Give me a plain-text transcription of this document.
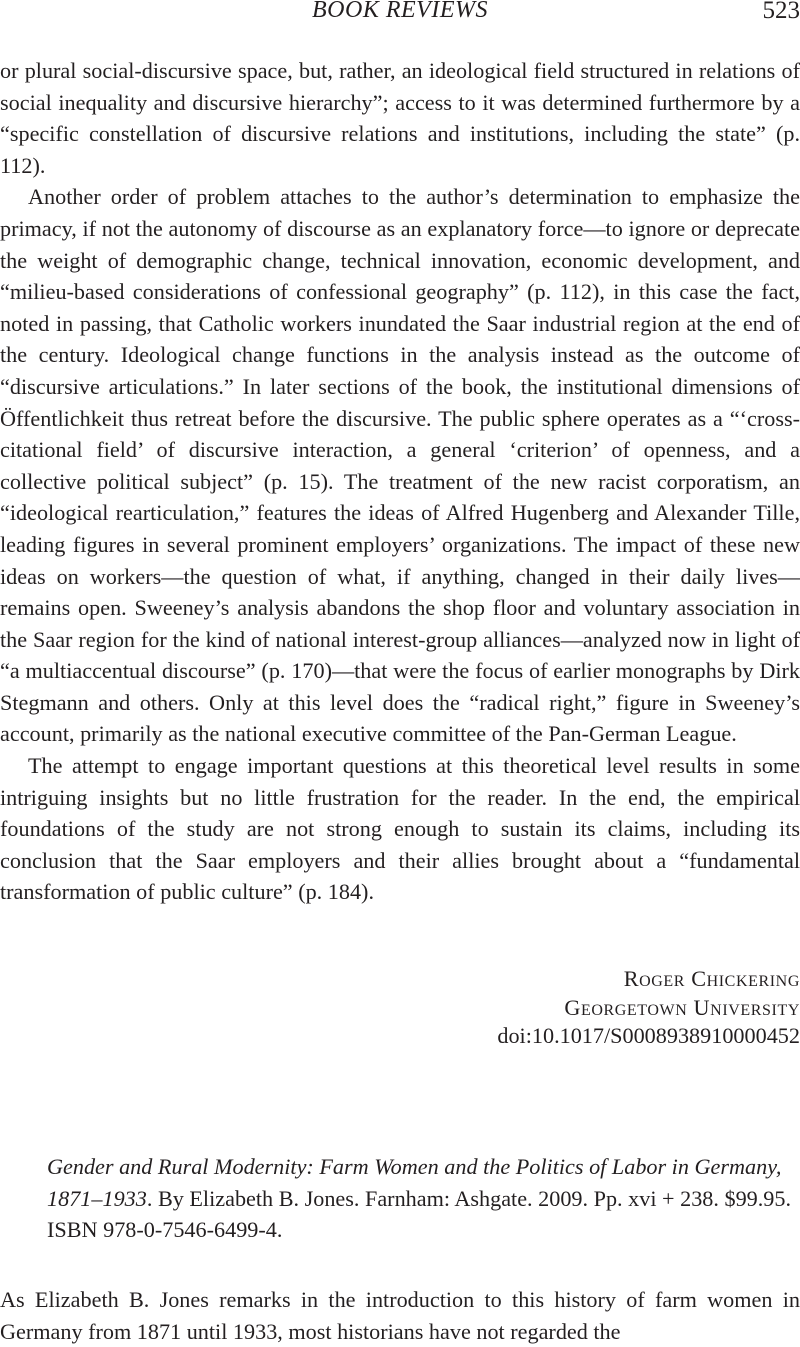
BOOK REVIEWS	523

or plural social-discursive space, but, rather, an ideological field structured in relations of social inequality and discursive hierarchy”; access to it was determined furthermore by a “specific constellation of discursive relations and institutions, including the state” (p. 112).

Another order of problem attaches to the author’s determination to emphasize the primacy, if not the autonomy of discourse as an explanatory force—to ignore or deprecate the weight of demographic change, technical innovation, economic development, and “milieu-based considerations of confessional geography” (p. 112), in this case the fact, noted in passing, that Catholic workers inundated the Saar industrial region at the end of the century. Ideological change functions in the analysis instead as the outcome of “discursive articulations.” In later sections of the book, the institutional dimensions of Öffentlichkeit thus retreat before the discursive. The public sphere operates as a “‘cross-citational field’ of discursive interaction, a general ‘criterion’ of openness, and a collective political subject” (p. 15). The treatment of the new racist corporatism, an “ideological rearticulation,” features the ideas of Alfred Hugenberg and Alexander Tille, leading figures in several prominent employers’ organizations. The impact of these new ideas on workers—the question of what, if anything, changed in their daily lives—remains open. Sweeney’s analysis abandons the shop floor and voluntary association in the Saar region for the kind of national interest-group alliances—analyzed now in light of “a multiaccentual discourse” (p. 170)—that were the focus of earlier monographs by Dirk Stegmann and others. Only at this level does the “radical right,” figure in Sweeney’s account, primarily as the national executive committee of the Pan-German League.

The attempt to engage important questions at this theoretical level results in some intriguing insights but no little frustration for the reader. In the end, the empirical foundations of the study are not strong enough to sustain its claims, including its conclusion that the Saar employers and their allies brought about a “fundamental transformation of public culture” (p. 184).

Roger Chickering
Georgetown University
doi:10.1017/S0008938910000452

Gender and Rural Modernity: Farm Women and the Politics of Labor in Germany, 1871–1933. By Elizabeth B. Jones. Farnham: Ashgate. 2009. Pp. xvi + 238. $99.95. ISBN 978-0-7546-6499-4.

As Elizabeth B. Jones remarks in the introduction to this history of farm women in Germany from 1871 until 1933, most historians have not regarded the
